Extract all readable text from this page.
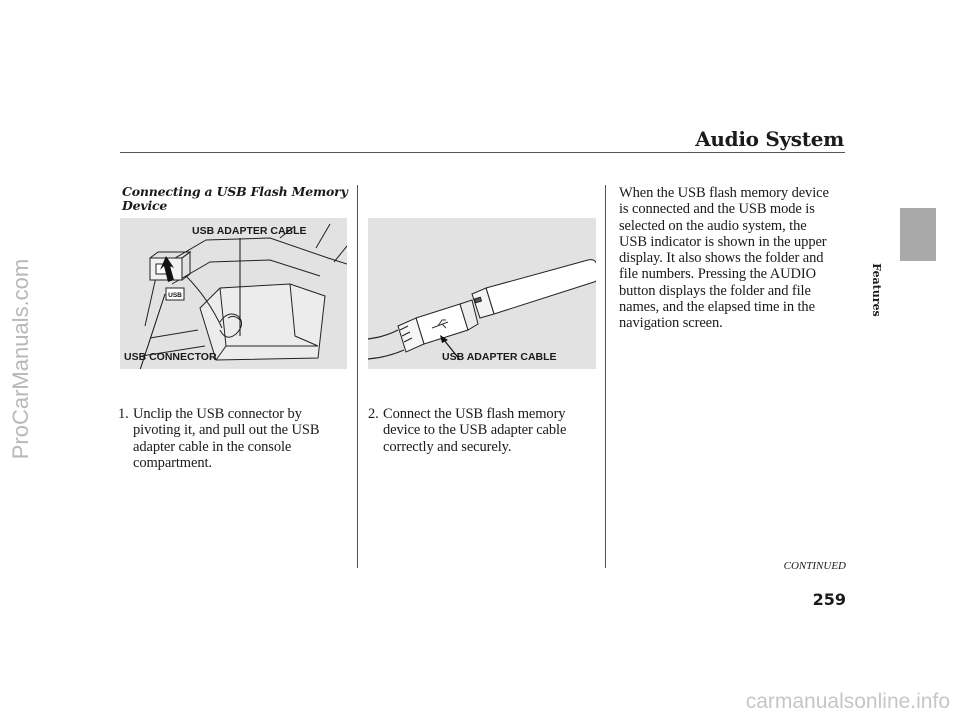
Audio System
Features
ProCarManuals.com
Connecting a USB Flash Memory
Device
USB
USB ADAPTER CABLE
USB CONNECTOR	USB ADAPTER CABLE
1. Unclip the USB connector by
pivoting it, and pull out the USB
adapter cable in the console
compartment.
2. Connect the USB flash memory
device to the USB adapter cable
correctly and securely.
When the USB flash memory device
is connected and the USB mode is
selected on the audio system, the
USB indicator is shown in the upper
display. It also shows the folder and
file numbers. Pressing the AUDIO
button displays the folder and file
names, and the elapsed time in the
navigation screen.
CONTINUED
259
carmanualsonline.info
